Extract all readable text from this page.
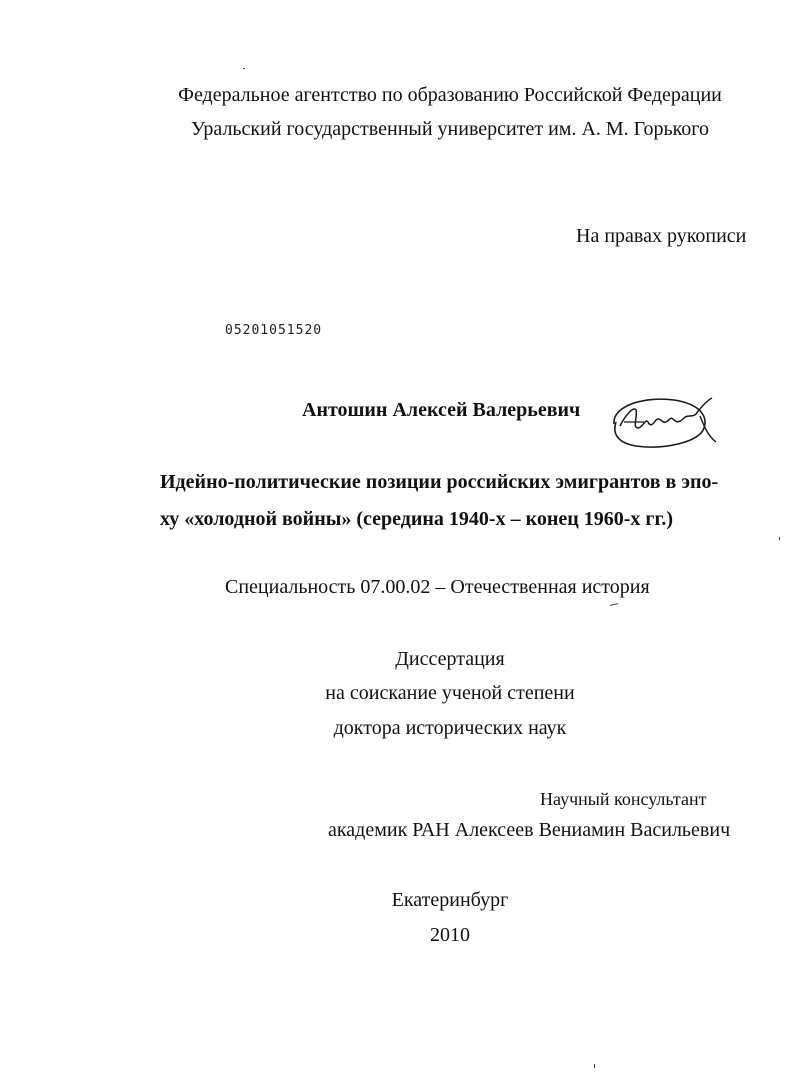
Федеральное агентство по образованию Российской Федерации
Уральский государственный университет им. А. М. Горького
На правах рукописи
05201051520
Антошин Алексей Валерьевич
Идейно-политические позиции российских эмигрантов в эпо-
ху «холодной войны» (середина 1940-х – конец 1960-х гг.)
Специальность 07.00.02 – Отечественная история
Диссертация
на соискание ученой степени
доктора исторических наук
Научный консультант
академик РАН Алексеев Вениамин Васильевич
Екатеринбург
2010
